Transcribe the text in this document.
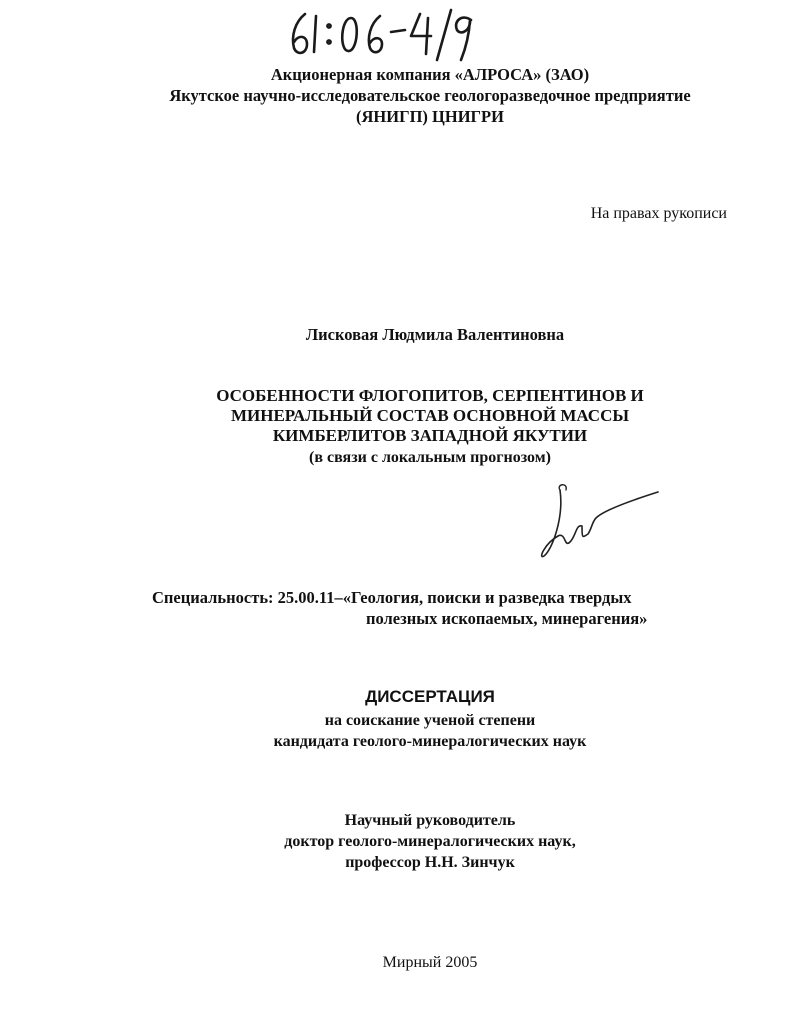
Акционерная компания «АЛРОСА» (ЗАО)
Якутское научно-исследовательское геологоразведочное предприятие
(ЯНИГП) ЦНИГРИ
На правах рукописи
Лисковая Людмила Валентиновна
ОСОБЕННОСТИ ФЛОГОПИТОВ, СЕРПЕНТИНОВ И
МИНЕРАЛЬНЫЙ СОСТАВ ОСНОВНОЙ МАССЫ
КИМБЕРЛИТОВ ЗАПАДНОЙ ЯКУТИИ
(в связи с локальным прогнозом)
Специальность: 25.00.11–«Геология, поиски и разведка твердых
полезных ископаемых, минерагения»
ДИССЕРТАЦИЯ
на соискание ученой степени
кандидата геолого-минералогических наук
Научный руководитель
доктор геолого-минералогических наук,
профессор Н.Н. Зинчук
Мирный 2005
